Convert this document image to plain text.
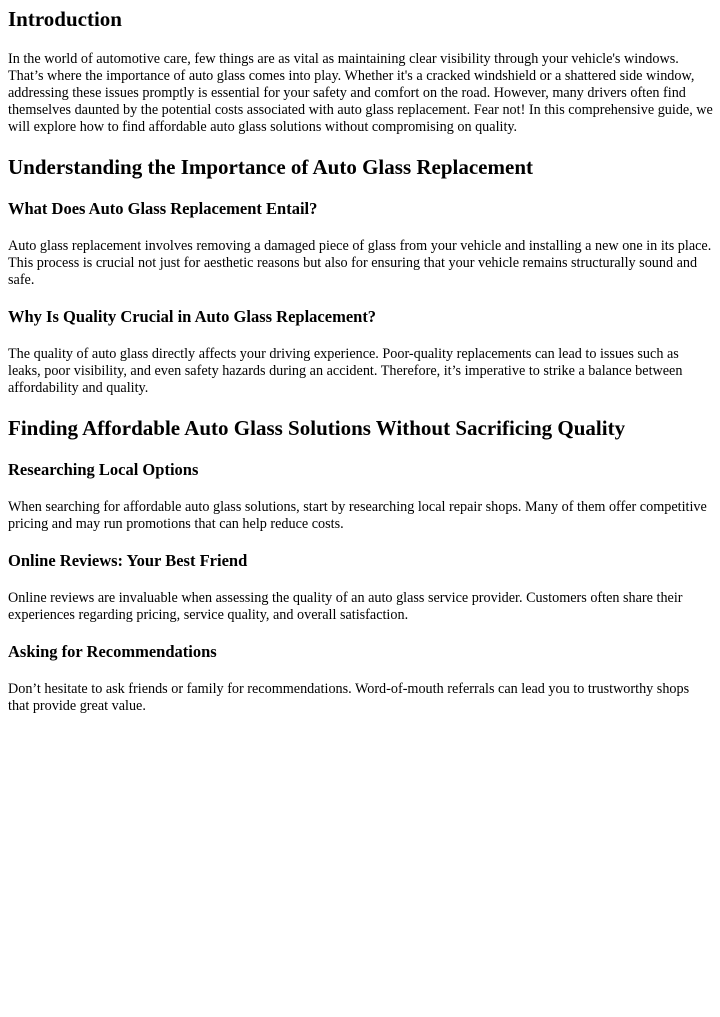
Introduction

In the world of automotive care, few things are as vital as maintaining clear visibility through your vehicle's windows. That’s where the importance of auto glass comes into play. Whether it's a cracked windshield or a shattered side window, addressing these issues promptly is essential for your safety and comfort on the road. However, many drivers often find themselves daunted by the potential costs associated with auto glass replacement. Fear not! In this comprehensive guide, we will explore how to find affordable auto glass solutions without compromising on quality.

Understanding the Importance of Auto Glass Replacement
What Does Auto Glass Replacement Entail?

Auto glass replacement involves removing a damaged piece of glass from your vehicle and installing a new one in its place. This process is crucial not just for aesthetic reasons but also for ensuring that your vehicle remains structurally sound and safe.

Why Is Quality Crucial in Auto Glass Replacement?

The quality of auto glass directly affects your driving experience. Poor-quality replacements can lead to issues such as leaks, poor visibility, and even safety hazards during an accident. Therefore, it’s imperative to strike a balance between affordability and quality.

Finding Affordable Auto Glass Solutions Without Sacrificing Quality
Researching Local Options

When searching for affordable auto glass solutions, start by researching local repair shops. Many of them offer competitive pricing and may run promotions that can help reduce costs.

Online Reviews: Your Best Friend

Online reviews are invaluable when assessing the quality of an auto glass service provider. Customers often share their experiences regarding pricing, service quality, and overall satisfaction.

Asking for Recommendations

Don’t hesitate to ask friends or family for recommendations. Word-of-mouth referrals can lead you to trustworthy shops that provide great value.
